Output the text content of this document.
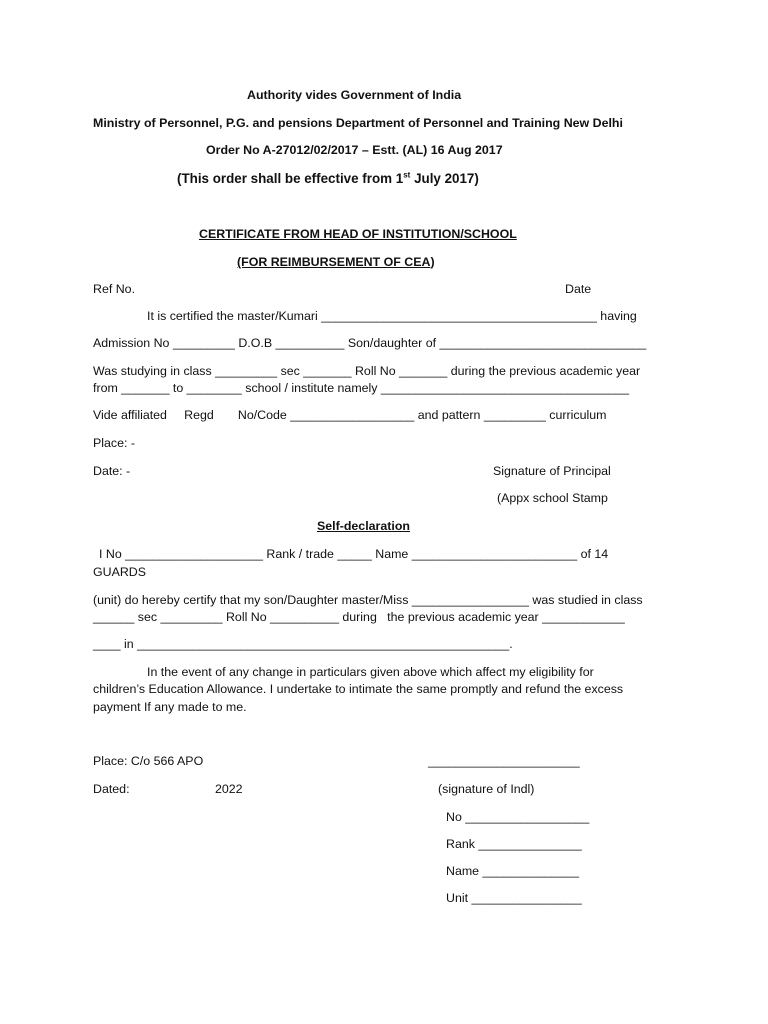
Authority vides Government of India
Ministry of Personnel, P.G. and pensions Department of Personnel and Training New Delhi
Order No A-27012/02/2017 – Estt. (AL) 16 Aug 2017
(This order shall be effective from 1st July 2017)
CERTIFICATE FROM HEAD OF INSTITUTION/SCHOOL
(FOR REIMBURSEMENT OF CEA)
Ref No.	Date
It is certified the master/Kumari ________________________________________ having
Admission No _________ D.O.B __________ Son/daughter of ______________________________
Was studying in class _________ sec _______ Roll No _______ during the previous academic year
from _______ to ________ school / institute namely ____________________________________
Vide affiliated     Regd       No/Code __________________ and pattern _________ curriculum
Place: -
Date: -	Signature of Principal
(Appx school Stamp
Self-declaration
I No ____________________ Rank / trade _____ Name ________________________ of 14
GUARDS
(unit) do hereby certify that my son/Daughter master/Miss _________________ was studied in class
______ sec _________ Roll No __________ during   the previous academic year ____________
____ in ______________________________________________________.
In the event of any change in particulars given above which affect my eligibility for
children’s Education Allowance. I undertake to intimate the same promptly and refund the excess
payment If any made to me.
Place: C/o 566 APO	______________________
Dated:	2022	(signature of Indl)
No __________________
Rank _______________
Name ______________
Unit ________________
